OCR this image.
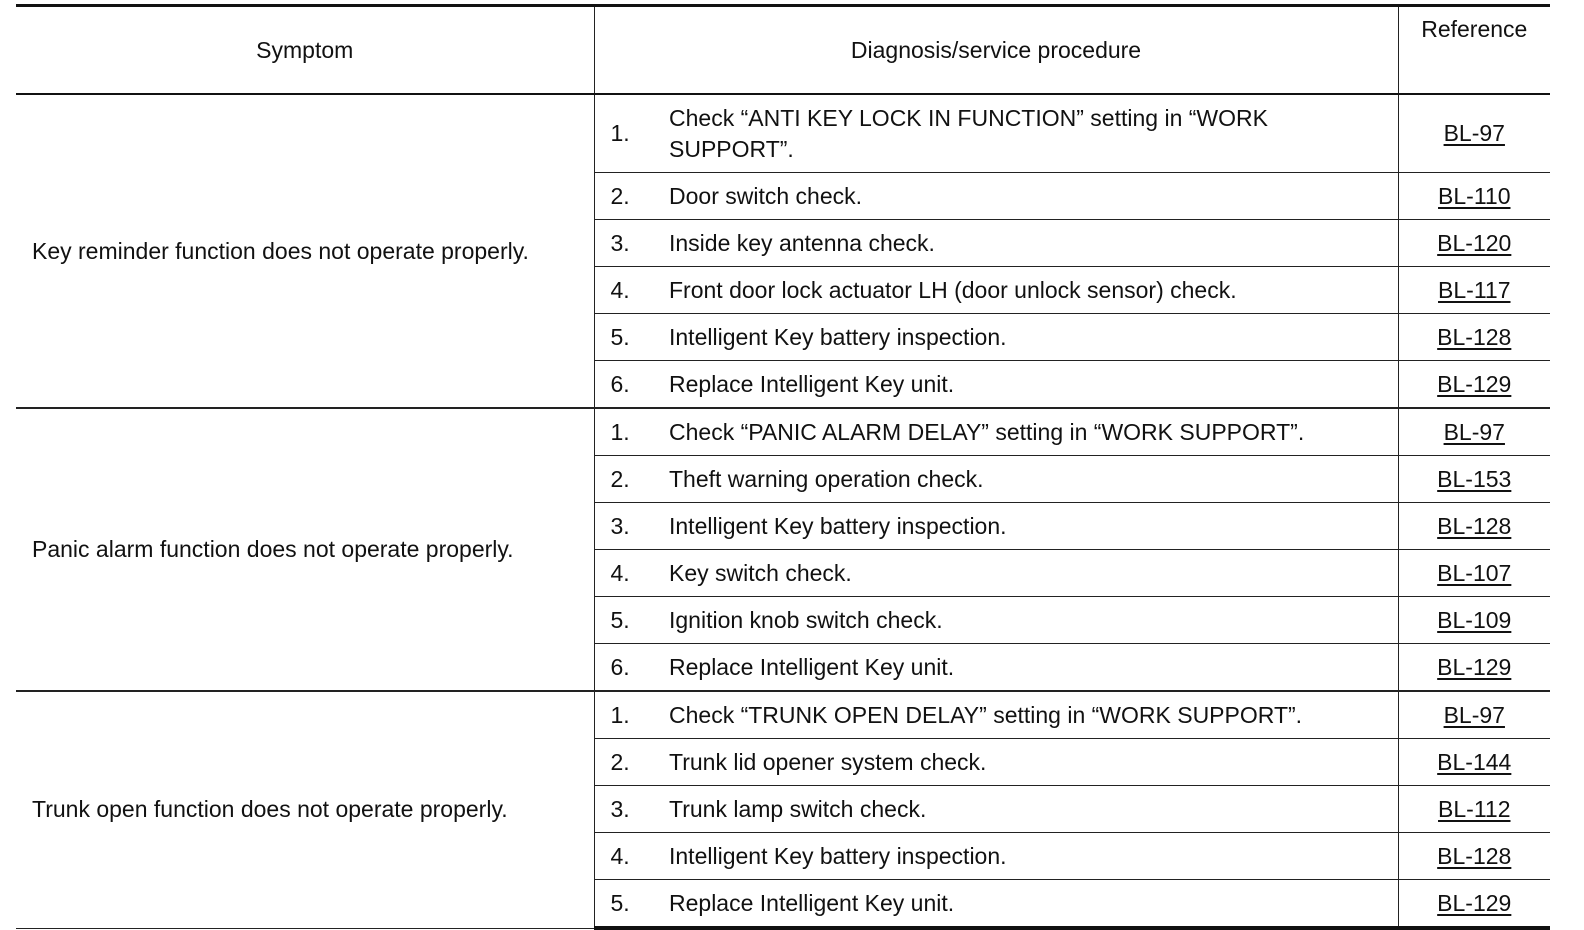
Symptom	Diagnosis/service procedure		Reference
Key reminder function does not operate properly.	1.	Check “ANTI KEY LOCK IN FUNCTION” setting in “WORK SUPPORT”.	BL-97
	2.	Door switch check.	BL-110
	3.	Inside key antenna check.	BL-120
	4.	Front door lock actuator LH (door unlock sensor) check.	BL-117
	5.	Intelligent Key battery inspection.	BL-128
	6.	Replace Intelligent Key unit.	BL-129
Panic alarm function does not operate properly.	1.	Check “PANIC ALARM DELAY” setting in “WORK SUPPORT”.	BL-97
	2.	Theft warning operation check.	BL-153
	3.	Intelligent Key battery inspection.	BL-128
	4.	Key switch check.	BL-107
	5.	Ignition knob switch check.	BL-109
	6.	Replace Intelligent Key unit.	BL-129
Trunk open function does not operate properly.	1.	Check “TRUNK OPEN DELAY” setting in “WORK SUPPORT”.	BL-97
	2.	Trunk lid opener system check.	BL-144
	3.	Trunk lamp switch check.	BL-112
	4.	Intelligent Key battery inspection.	BL-128
	5.	Replace Intelligent Key unit.	BL-129
